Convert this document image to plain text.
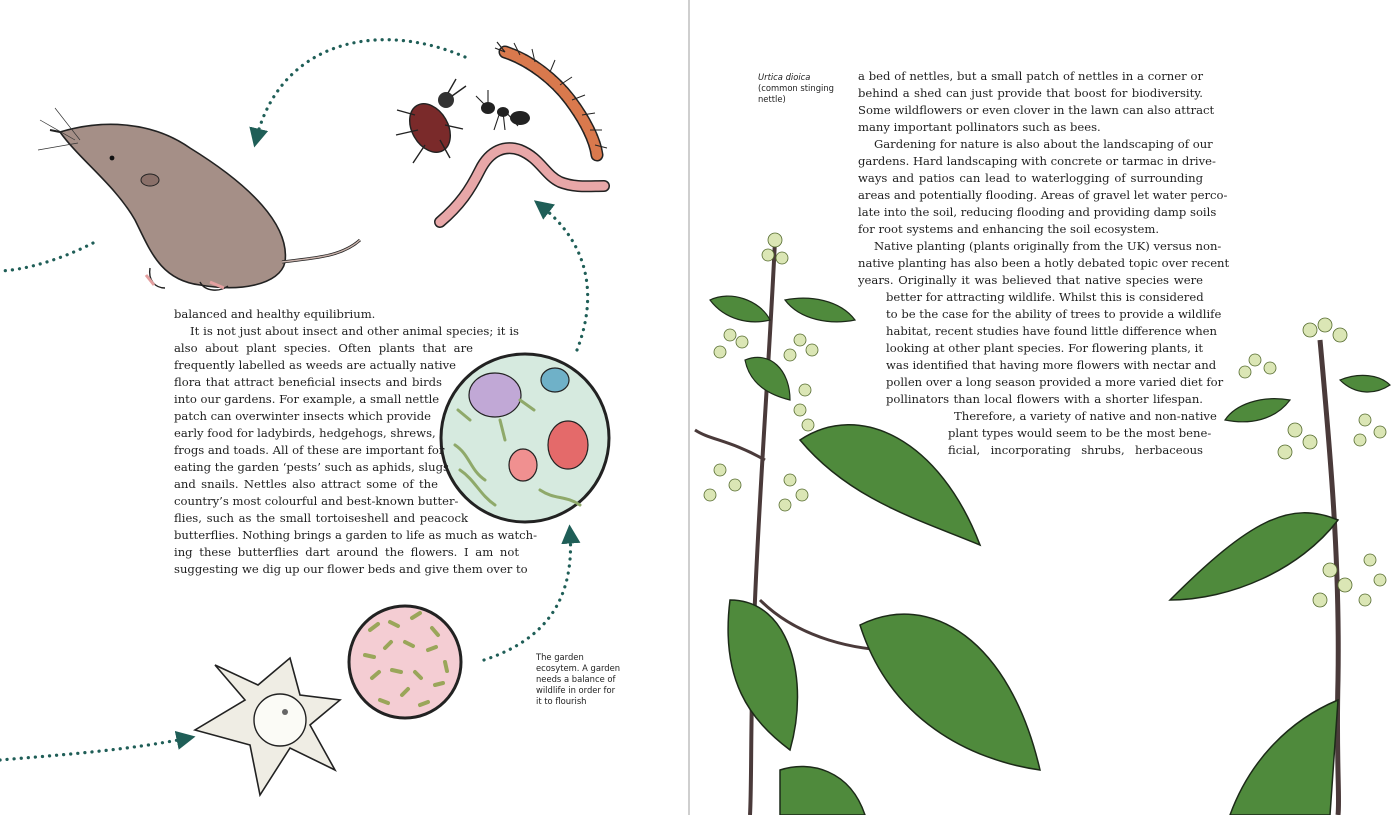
balanced and healthy equilibrium.
It is not just about insect and other animal species; it is
also about plant species. Often plants that are
frequently labelled as weeds are actually native
flora that attract beneficial insects and birds
into our gardens. For example, a small nettle
patch can overwinter insects which provide
early food for ladybirds, hedgehogs, shrews,
frogs and toads. All of these are important for
eating the garden ‘pests’ such as aphids, slugs
and snails. Nettles also attract some of the
country’s most colourful and best-known butter-
flies, such as the small tortoiseshell and peacock
butterflies. Nothing brings a garden to life as much as watch-
ing these butterflies dart around the flowers. I am not
suggesting we dig up our flower beds and give them over to
The garden
ecosytem. A garden
needs a balance of
wildlife in order for
it to flourish
Urtica dioica
(common stinging
nettle)
a bed of nettles, but a small patch of nettles in a corner or
behind a shed can just provide that boost for biodiversity.
Some wildflowers or even clover in the lawn can also attract
many important pollinators such as bees.
Gardening for nature is also about the landscaping of our
gardens. Hard landscaping with concrete or tarmac in drive-
ways and patios can lead to waterlogging of surrounding
areas and potentially flooding. Areas of gravel let water perco-
late into the soil, reducing flooding and providing damp soils
for root systems and enhancing the soil ecosystem.
Native planting (plants originally from the UK) versus non-
native planting has also been a hotly debated topic over recent
years. Originally it was believed that native species were
better for attracting wildlife. Whilst this is considered
to be the case for the ability of trees to provide a wildlife
habitat, recent studies have found little difference when
looking at other plant species. For flowering plants, it
was identified that having more flowers with nectar and
pollen over a long season provided a more varied diet for
pollinators than local flowers with a shorter lifespan.
Therefore, a variety of native and non-native
plant types would seem to be the most bene-
ficial, incorporating shrubs, herbaceous
